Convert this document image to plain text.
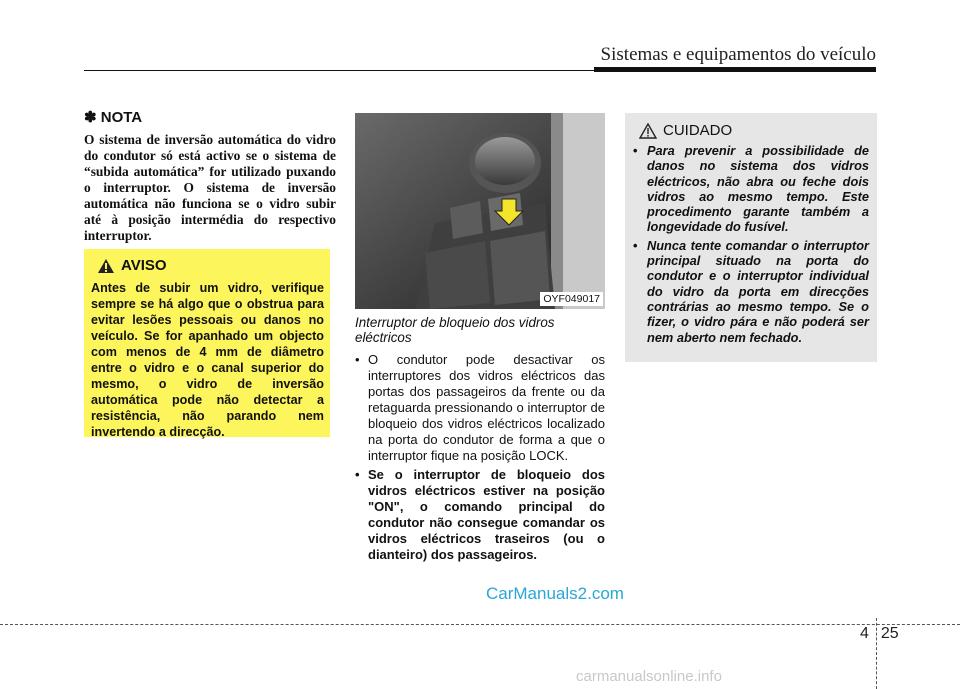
Sistemas e equipamentos do veículo
✽ NOTA

O sistema de inversão automática do vidro do condutor só está activo se o sistema de “subida automática” for utilizado puxando o interruptor. O sistema de inversão automática não funciona se o vidro subir até à posição intermédia do respectivo interruptor.

AVISO

Antes de subir um vidro, verifique sempre se há algo que o obstrua para evitar lesões pessoais ou danos no veículo. Se for apanhado um objecto com menos de 4 mm de diâmetro entre o vidro e o canal superior do mesmo, o vidro de inversão automática pode não detectar a resistência, não parando nem invertendo a direcção.

OYF049017

Interruptor de bloqueio dos vidros eléctricos

• O condutor pode desactivar os interruptores dos vidros eléctricos das portas dos passageiros da frente ou da retaguarda pressionando o interruptor de bloqueio dos vidros eléctricos localizado na porta do condutor de forma a que o interruptor fique na posição LOCK.

• Se o interruptor de bloqueio dos vidros eléctricos estiver na posição "ON", o comando principal do condutor não consegue comandar os vidros eléctricos traseiros (ou o dianteiro) dos passageiros.

CUIDADO

• Para prevenir a possibilidade de danos no sistema dos vidros eléctricos, não abra ou feche dois vidros ao mesmo tempo. Este procedimento garante também a longevidade do fusível.

• Nunca tente comandar o interruptor principal situado na porta do condutor e o interruptor individual do vidro da porta em direcções contrárias ao mesmo tempo. Se o fizer, o vidro pára e não poderá ser nem aberto nem fechado.

CarManuals2.com
4 25
carmanualsonline.info
